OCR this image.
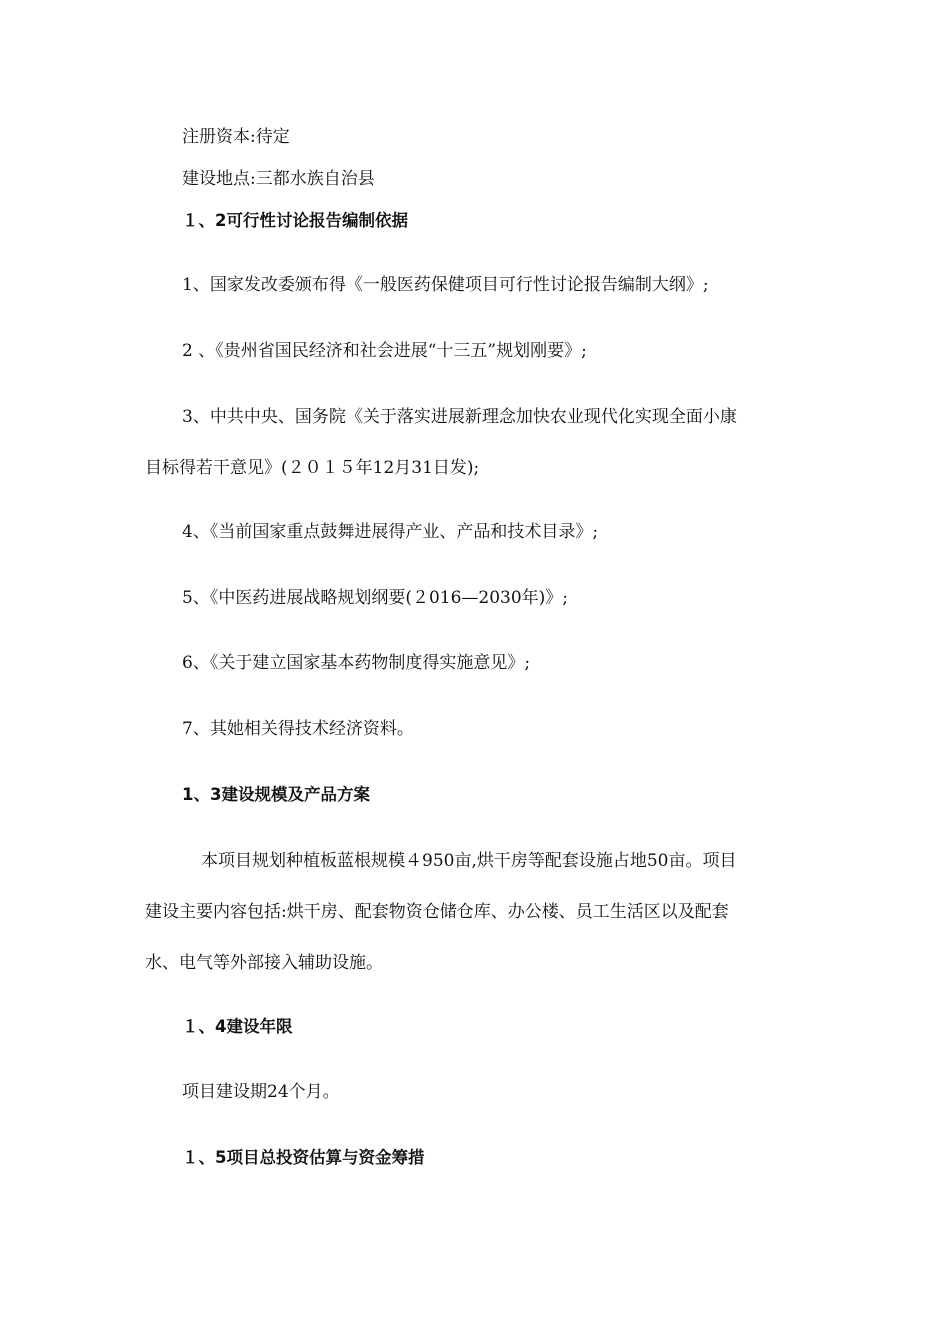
注册资本:待定
建设地点:三都水族自治县
１、2可行性讨论报告编制依据
1、国家发改委颁布得《一般医药保健项目可行性讨论报告编制大纲》;
2 、《贵州省国民经济和社会进展“十三五”规划刚要》;
3、中共中央、国务院《关于落实进展新理念加快农业现代化实现全面小康
目标得若干意见》(２０１５年12月31日发);
4、《当前国家重点鼓舞进展得产业、产品和技术目录》;
5、《中医药进展战略规划纲要(２016—2030年)》;
6、《关于建立国家基本药物制度得实施意见》;
7、其她相关得技术经济资料。
1、3建设规模及产品方案
本项目规划种植板蓝根规模４950亩,烘干房等配套设施占地50亩。项目
建设主要内容包括:烘干房、配套物资仓储仓库、办公楼、员工生活区以及配套
水、电气等外部接入辅助设施。
１、4建设年限
项目建设期24个月。
１、5项目总投资估算与资金筹措
